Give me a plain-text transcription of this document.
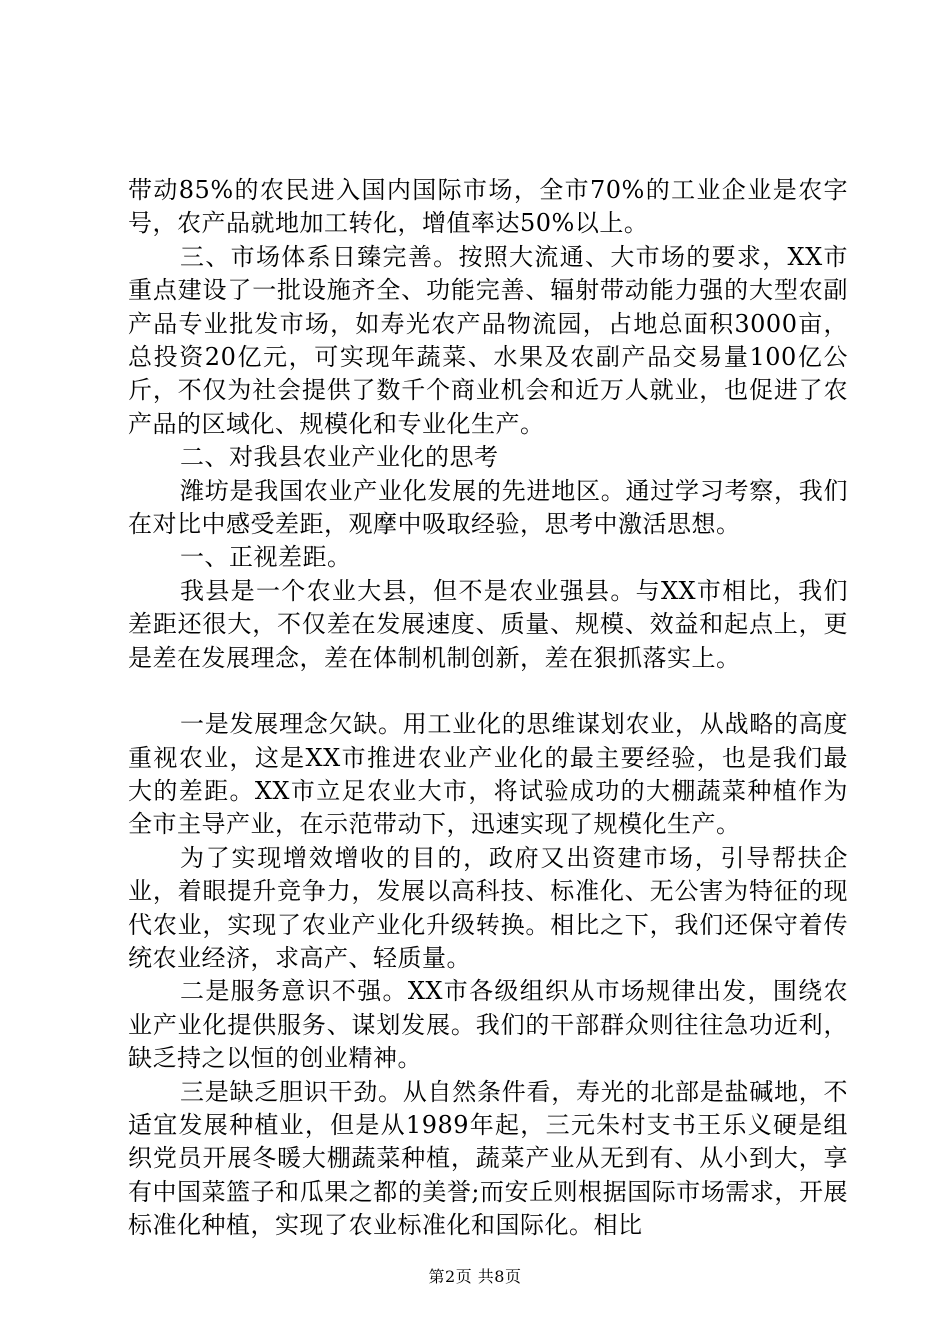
带动85%的农民进入国内国际市场，全市70%的工业企业是农字号，农产品就地加工转化，增值率达50%以上。

三、市场体系日臻完善。按照大流通、大市场的要求，XX市重点建设了一批设施齐全、功能完善、辐射带动能力强的大型农副产品专业批发市场，如寿光农产品物流园，占地总面积3000亩，总投资20亿元，可实现年蔬菜、水果及农副产品交易量100亿公斤，不仅为社会提供了数千个商业机会和近万人就业，也促进了农产品的区域化、规模化和专业化生产。

二、对我县农业产业化的思考

潍坊是我国农业产业化发展的先进地区。通过学习考察，我们在对比中感受差距，观摩中吸取经验，思考中激活思想。

一、正视差距。

我县是一个农业大县，但不是农业强县。与XX市相比，我们差距还很大，不仅差在发展速度、质量、规模、效益和起点上，更是差在发展理念，差在体制机制创新，差在狠抓落实上。

一是发展理念欠缺。用工业化的思维谋划农业，从战略的高度重视农业，这是XX市推进农业产业化的最主要经验，也是我们最大的差距。XX市立足农业大市，将试验成功的大棚蔬菜种植作为全市主导产业，在示范带动下，迅速实现了规模化生产。

为了实现增效增收的目的，政府又出资建市场，引导帮扶企业，着眼提升竞争力，发展以高科技、标准化、无公害为特征的现代农业，实现了农业产业化升级转换。相比之下，我们还保守着传统农业经济，求高产、轻质量。

二是服务意识不强。XX市各级组织从市场规律出发，围绕农业产业化提供服务、谋划发展。我们的干部群众则往往急功近利，缺乏持之以恒的创业精神。

三是缺乏胆识干劲。从自然条件看，寿光的北部是盐碱地，不适宜发展种植业，但是从1989年起，三元朱村支书王乐义硬是组织党员开展冬暖大棚蔬菜种植，蔬菜产业从无到有、从小到大，享有中国菜篮子和瓜果之都的美誉;而安丘则根据国际市场需求，开展标准化种植，实现了农业标准化和国际化。相比

第2页 共8页
